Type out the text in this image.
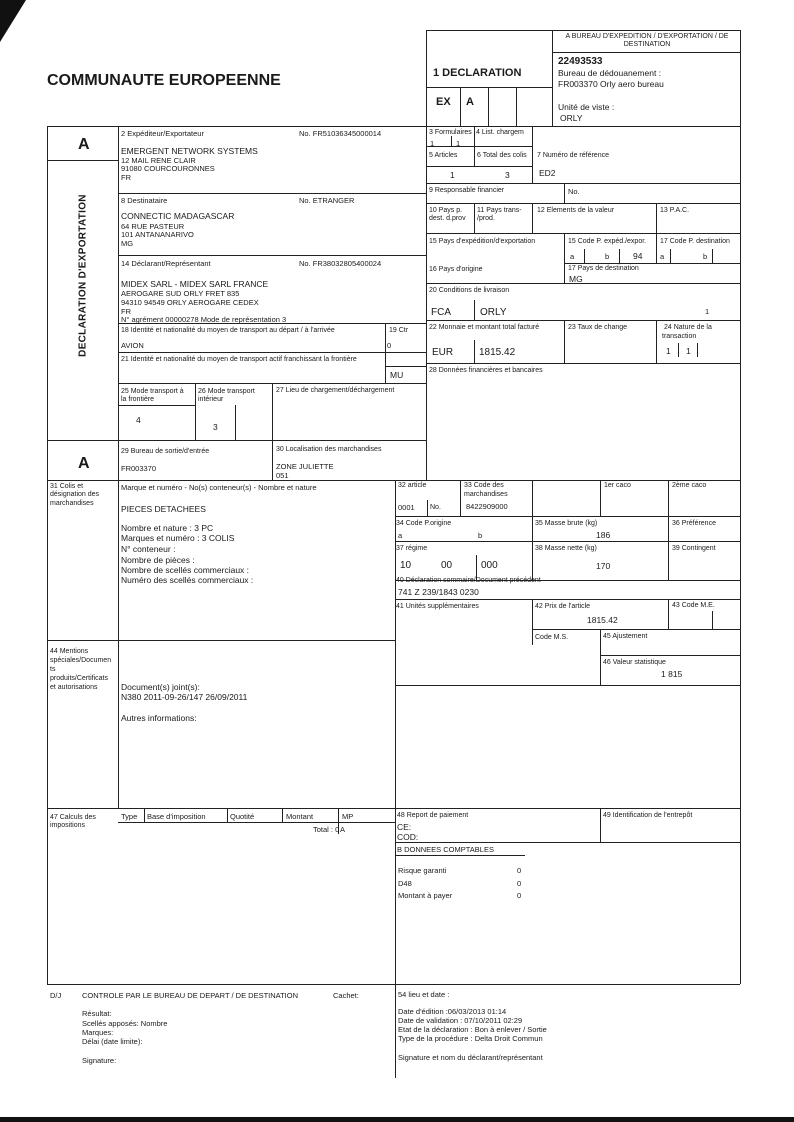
COMMUNAUTE EUROPEENNE	1 DECLARATION
EX A
A BUREAU D'EXPEDITION / D'EXPORTATION / DE DESTINATION
22493533
Bureau de dédouanement :
FR003370 Orly aero bureau
Unité de viste :
ORLY
A
DECLARATION D'EXPORTATION
A
2 Expéditeur/Exportateur	No. FR51036345000014
EMERGENT NETWORK SYSTEMS
12 MAIL RENE CLAIR
91080 COURCOURONNES
FR
3 Formulaires
1	1
4 List. chargem
5 Articles
1
6 Total des colis
3
7 Numéro de référence
ED2
8 Destinataire	No. ETRANGER
CONNECTIC MADAGASCAR
64 RUE PASTEUR
101 ANTANANARIVO
MG
9 Responsable financier	No.
10 Pays p.
dest. d.prov
11 Pays trans-
/prod.
12 Elements de la valeur	13 P.A.C.
14 Déclarant/Représentant	No. FR38032805400024
MIDEX SARL - MIDEX SARL FRANCE
AEROGARE SUD ORLY FRET 835
94310 94549 ORLY AEROGARE CEDEX
FR
N° agrément 00000278 Mode de représentation 3
15 Pays d'expédition/d'exportation	15 Code P. expéd./expor.
a	b	94
17 Code P. destination
a	b
16 Pays d'origine	17 Pays de destination
MG
20 Conditions de livraison
FCA	ORLY	1
18 Identité et nationalité du moyen de transport au départ / à l'arrivée
AVION
19 Ctr
0
22 Monnaie et montant total facturé
EUR	1815.42
23 Taux de change	24 Nature de la
transaction
1 1
21 Identité et nationalité du moyen de transport actif franchissant la frontière
MU	28 Données financières et bancaires
25 Mode transport à
la frontière
4
26 Mode transport
intérieur
3
27 Lieu de chargement/déchargement
29 Bureau de sortie/d'entrée
FR003370
30 Localisation des marchandises
ZONE JULIETTE
051
31 Colis et
désignation des
marchandises
Marque et numéro - No(s) conteneur(s) - Nombre et nature
PIECES DETACHEES
Nombre et nature : 3 PC
Marques et numéro : 3 COLIS
N° conteneur :
Nombre de pièces :
Nombre de scellés commerciaux :
Numéro des scellés commerciaux :
32 article
0001 No.
33 Code des
marchandises
8422909000
1er caco	2ème caco
34 Code P.origine
a	b
35 Masse brute (kg)
186
36 Préférence
37 régime
10	00	000
38 Masse nette (kg)
170
39 Contingent
40 Déclaration sommaire/Document précédent
741 Z 239/1843 0230
41 Unités supplémentaires	42 Prix de l'article
1815.42
43 Code M.E.
Code M.S.	45 Ajustement
46 Valeur statistique
1 815
44 Mentions
spéciales/Documen
ts
produits/Certificats
et autorisations	Document(s) joint(s):
N380 2011-09-26/147 26/09/2011
Autres informations:
47 Calculs des
impositions
Type Base d'imposition	Quotité	Montant	MP
Total : 0 A
48 Report de paiement
CE:
COD:
49 Identification de l'entrepôt
B DONNEES COMPTABLES
Risque garanti	0
D48	0
Montant à payer	0
D/J	CONTROLE PAR LE BUREAU DE DEPART / DE DESTINATION	Cachet:
Résultat:
Scellés apposés: Nombre
Marques:
Délai (date limite):
Signature:
54 lieu et date :
Date d'édition :06/03/2013 01:14
Date de validation : 07/10/2011 02:29
Etat de la déclaration : Bon à enlever / Sortie
Type de la procédure : Delta Droit Commun
Signature et nom du déclarant/représentant
